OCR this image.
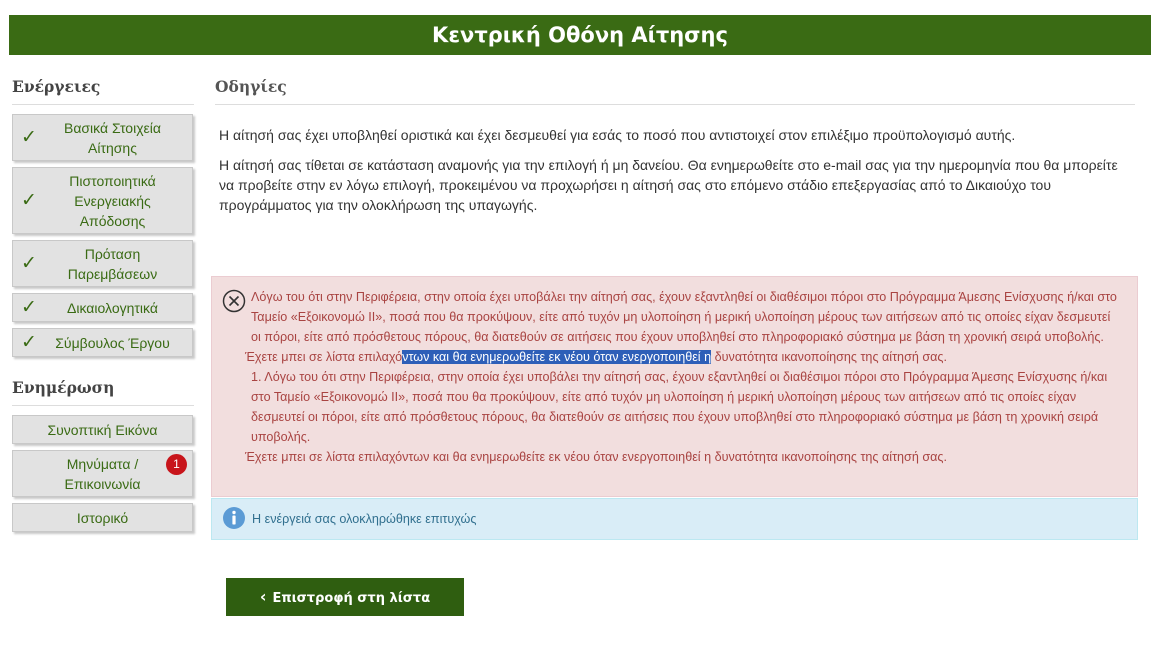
Κεντρική Οθόνη Αίτησης
Ενέργειες
✓	Βασικά Στοιχεία Αίτησης
✓
Πιστοποιητικά Ενεργειακής Απόδοσης
✓	Πρόταση Παρεμβάσεων
✓	Δικαιολογητικά
✓	Σύμβουλος Έργου
Ενημέρωση
Συνοπτική Εικόνα
Μηνύματα / Επικοινωνία
1
Ιστορικό
Οδηγίες

Η αίτησή σας έχει υποβληθεί οριστικά και έχει δεσμευθεί για εσάς το ποσό που αντιστοιχεί στον επιλέξιμο προϋπολογισμό αυτής.

Η αίτησή σας τίθεται σε κατάσταση αναμονής για την επιλογή ή μη δανείου. Θα ενημερωθείτε στο e-mail σας για την ημερομηνία που θα μπορείτε να προβείτε στην εν λόγω επιλογή, προκειμένου να προχωρήσει η αίτησή σας στο επόμενο στάδιο επεξεργασίας από το Δικαιούχο του προγράμματος για την ολοκλήρωση της υπαγωγής.

Λόγω του ότι στην Περιφέρεια, στην οποία έχει υποβάλει την αίτησή σας, έχουν εξαντληθεί οι διαθέσιμοι πόροι στο Πρόγραμμα Άμεσης Ενίσχυσης ή/και στο Ταμείο «Εξοικονομώ ΙΙ», ποσά που θα προκύψουν, είτε από τυχόν μη υλοποίηση ή μερική υλοποίηση μέρους των αιτήσεων από τις οποίες είχαν δεσμευτεί οι πόροι, είτε από πρόσθετους πόρους, θα διατεθούν σε αιτήσεις που έχουν υποβληθεί στο πληροφοριακό σύστημα με βάση τη χρονική σειρά υποβολής.

Έχετε μπει σε λίστα επιλαχόντων και θα ενημερωθείτε εκ νέου όταν ενεργοποιηθεί η δυνατότητα ικανοποίησης της αίτησή σας.

1. Λόγω του ότι στην Περιφέρεια, στην οποία έχει υποβάλει την αίτησή σας, έχουν εξαντληθεί οι διαθέσιμοι πόροι στο Πρόγραμμα Άμεσης Ενίσχυσης ή/και στο Ταμείο «Εξοικονομώ ΙΙ», ποσά που θα προκύψουν, είτε από τυχόν μη υλοποίηση ή μερική υλοποίηση μέρους των αιτήσεων από τις οποίες είχαν δεσμευτεί οι πόροι, είτε από πρόσθετους πόρους, θα διατεθούν σε αιτήσεις που έχουν υποβληθεί στο πληροφοριακό σύστημα με βάση τη χρονική σειρά υποβολής.

Έχετε μπει σε λίστα επιλαχόντων και θα ενημερωθείτε εκ νέου όταν ενεργοποιηθεί η δυνατότητα ικανοποίησης της αίτησή σας.

Η ενέργειά σας ολοκληρώθηκε επιτυχώς
‹ Επιστροφή στη λίστα αιτήσεων
